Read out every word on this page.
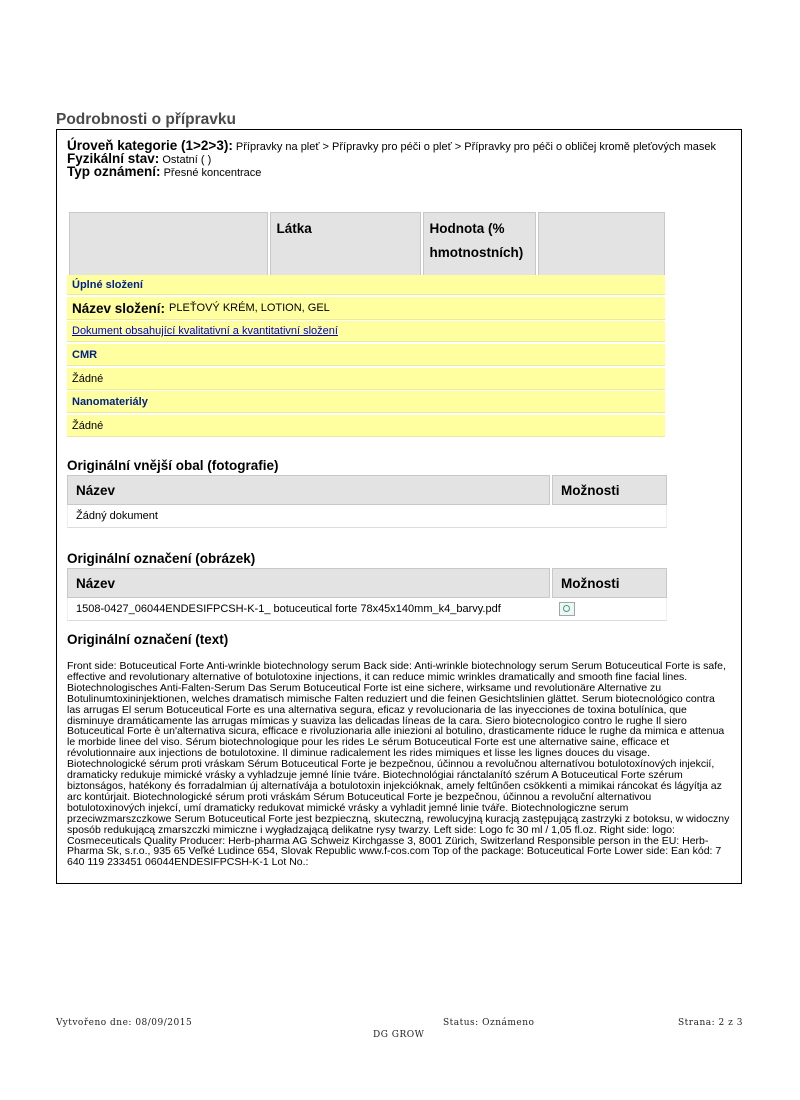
Podrobnosti o přípravku
Úroveň kategorie (1>2>3): Přípravky na pleť > Přípravky pro péči o pleť > Přípravky pro péči o obličej kromě pleťových masek
Fyzikální stav: Ostatní ( )
Typ oznámení: Přesné koncentrace
	Látka	Hodnota (%
hmotnostních)

Úplné složení
Název složení: PLEŤOVÝ KRÉM, LOTION, GEL
Dokument obsahující kvalitativní a kvantitativní složení
CMR
Žádné
Nanomateriály
Žádné
Originální vnější obal (fotografie)
Název	Možnosti
Žádný dokument
Originální označení (obrázek)
Název	Možnosti
1508-0427_06044ENDESIFPCSH-K-1_ botuceutical forte 78x45x140mm_k4_barvy.pdf
Originální označení (text)

Front side: Botuceutical Forte Anti-wrinkle biotechnology serum Back side: Anti-wrinkle biotechnology serum Serum Botuceutical Forte is safe, effective and revolutionary alternative of botulotoxine injections, it can reduce mimic wrinkles dramatically and smooth fine facial lines. Biotechnologisches Anti-Falten-Serum Das Serum Botuceutical Forte ist eine sichere, wirksame und revolutionäre Alternative zu Botulinumtoxininjektionen, welches dramatisch mimische Falten reduziert und die feinen Gesichtslinien glättet. Serum biotecnológico contra las arrugas El serum Botuceutical Forte es una alternativa segura, eficaz y revolucionaria de las inyecciones de toxina botulínica, que disminuye dramáticamente las arrugas mímicas y suaviza las delicadas líneas de la cara. Siero biotecnologico contro le rughe Il siero Botuceutical Forte è un'alternativa sicura, efficace e rivoluzionaria alle iniezioni al botulino, drasticamente riduce le rughe da mimica e attenua le morbide linee del viso. Sérum biotechnologique pour les rides Le sérum Botuceutical Forte est une alternative saine, efficace et révolutionnaire aux injections de botulotoxine. Il diminue radicalement les rides mimiques et lisse les lignes douces du visage. Biotechnologické sérum proti vráskam Sérum Botuceutical Forte je bezpečnou, účinnou a revolučnou alternatívou botulotoxínových injekcií, dramaticky redukuje mimické vrásky a vyhladzuje jemné línie tváre. Biotechnológiai ránctalanító szérum A Botuceutical Forte szérum biztonságos, hatékony és forradalmian új alternatívája a botulotoxin injekcióknak, amely feltűnően csökkenti a mimikai ráncokat és lágyítja az arc kontúrjait. Biotechnologické sérum proti vráskám Sérum Botuceutical Forte je bezpečnou, účinnou a revoluční alternativou botulotoxinových injekcí, umí dramaticky redukovat mimické vrásky a vyhladit jemné linie tváře. Biotechnologiczne serum przeciwzmarszczkowe Serum Botuceutical Forte jest bezpieczną, skuteczną, rewolucyjną kuracją zastępującą zastrzyki z botoksu, w widoczny sposób redukującą zmarszczki mimiczne i wygładzającą delikatne rysy twarzy. Left side: Logo fc 30 ml / 1,05 fl.oz. Right side: logo: Cosmeceuticals Quality Producer: Herb-pharma AG Schweiz Kirchgasse 3, 8001 Zürich, Switzerland Responsible person in the EU: Herb-Pharma Sk, s.r.o., 935 65 Veľké Ludince 654, Slovak Republic www.f-cos.com Top of the package: Botuceutical Forte Lower side: Ean kód: 7 640 119 233451 06044ENDESIFPCSH-K-1 Lot No.:

Vytvořeno dne: 08/09/2015	Status: Oznámeno
DG GROW
Strana: 2 z 3
